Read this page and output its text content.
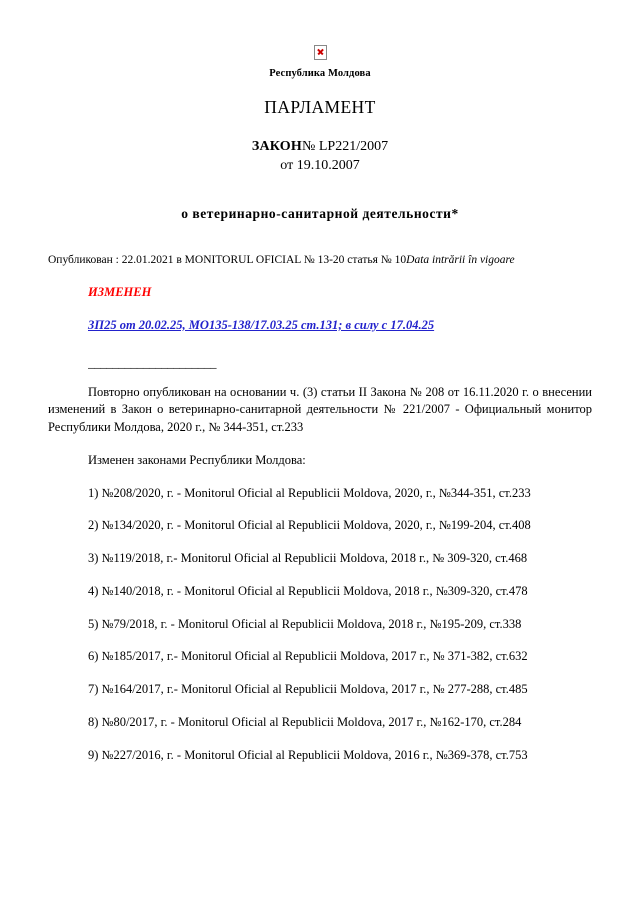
Республика Молдова
ПАРЛАМЕНТ
ЗАКОН№ LP221/2007
от 19.10.2007
о ветеринарно-санитарной деятельности*
Опубликован : 22.01.2021 в MONITORUL OFICIAL № 13-20 статья № 10Data intrării în vigoare
ИЗМЕНЕН
ЗП25 от 20.02.25, МО135-138/17.03.25 ст.131; в силу с 17.04.25
_____________________

Повторно опубликован на основании ч. (3) статьи II Закона № 208 от 16.11.2020 г. о внесении изменений в Закон о ветеринарно-санитарной деятельности № 221/2007 - Официальный монитор Республики Молдова, 2020 г., № 344-351, ст.233

Изменен законами Республики Молдова:

1) №208/2020, г. - Monitorul Oficial al Republicii Moldova, 2020, г., №344-351, ст.233

2) №134/2020, г. - Monitorul Oficial al Republicii Moldova, 2020, г., №199-204, ст.408

3) №119/2018, г.- Monitorul Oficial al Republicii Moldova, 2018 г., № 309-320, ст.468

4) №140/2018, г. - Monitorul Oficial al Republicii Moldova, 2018 г., №309-320, ст.478

5) №79/2018, г. - Monitorul Oficial al Republicii Moldova, 2018 г., №195-209, ст.338

6) №185/2017, г.- Monitorul Oficial al Republicii Moldova, 2017 г., № 371-382, ст.632

7) №164/2017, г.- Monitorul Oficial al Republicii Moldova, 2017 г., № 277-288, ст.485

8) №80/2017, г. - Monitorul Oficial al Republicii Moldova, 2017 г., №162-170, ст.284

9) №227/2016, г. - Monitorul Oficial al Republicii Moldova, 2016 г., №369-378, ст.753
